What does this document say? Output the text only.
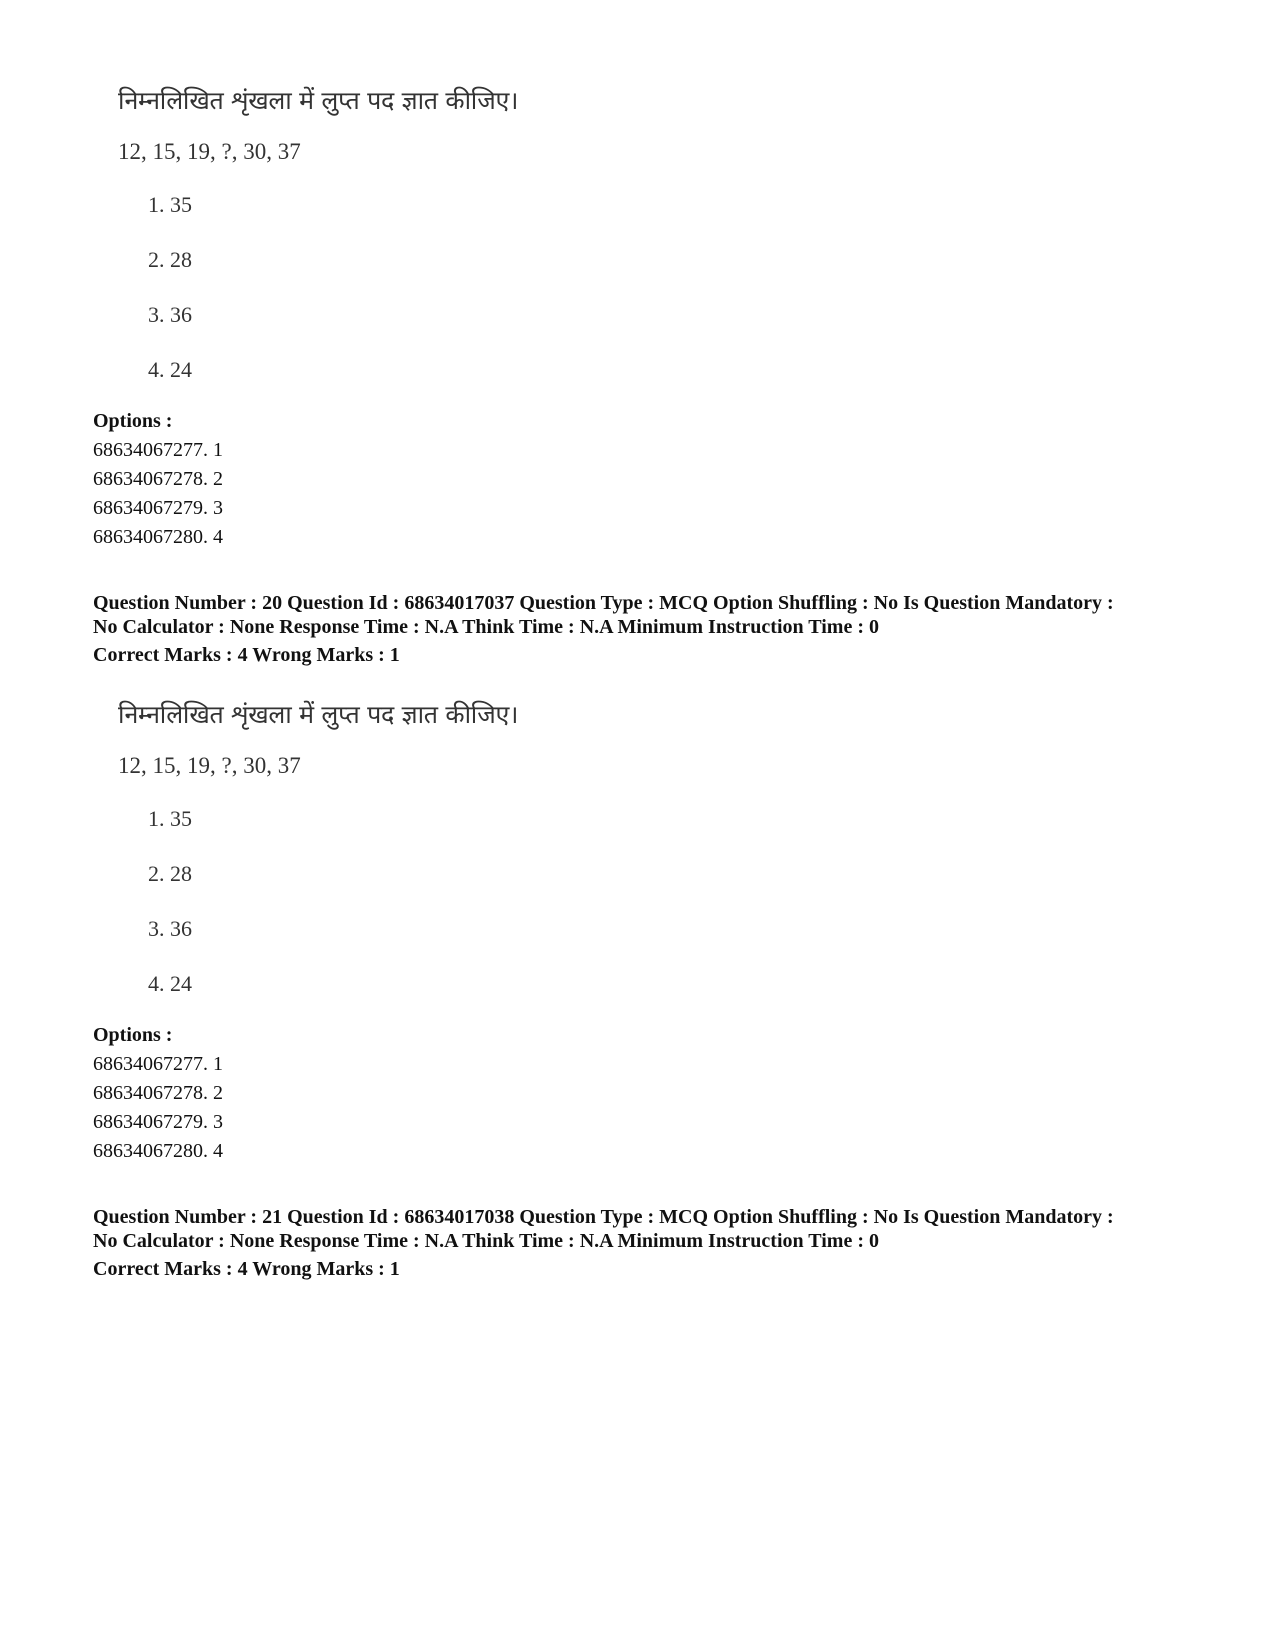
निम्नलिखित शृंखला में लुप्त पद ज्ञात कीजिए।
12, 15, 19, ?, 30, 37
1. 35
2. 28
3. 36
4. 24
Options :
68634067277. 1
68634067278. 2
68634067279. 3
68634067280. 4
Question Number : 20 Question Id : 68634017037 Question Type : MCQ Option Shuffling : No Is Question Mandatory :
No Calculator : None Response Time : N.A Think Time : N.A Minimum Instruction Time : 0
Correct Marks : 4 Wrong Marks : 1
निम्नलिखित शृंखला में लुप्त पद ज्ञात कीजिए।
12, 15, 19, ?, 30, 37
1. 35
2. 28
3. 36
4. 24
Options :
68634067277. 1
68634067278. 2
68634067279. 3
68634067280. 4
Question Number : 21 Question Id : 68634017038 Question Type : MCQ Option Shuffling : No Is Question Mandatory :
No Calculator : None Response Time : N.A Think Time : N.A Minimum Instruction Time : 0
Correct Marks : 4 Wrong Marks : 1
